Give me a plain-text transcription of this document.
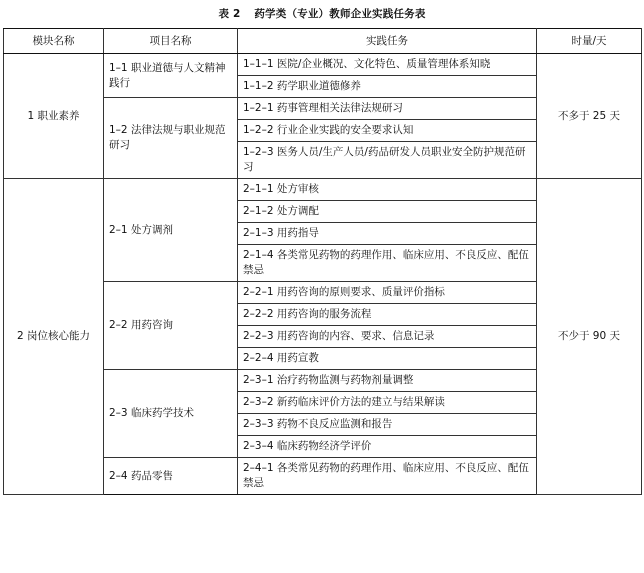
表 2 药学类（专业）教师企业实践任务表
模块名称	项目名称	实践任务	时量/天
1 职业素养	1–1 职业道德与人文精神践行	1–1–1 医院/企业概况、文化特色、质量管理体系知晓	不多于 25 天
		1–1–2 药学职业道德修养	
	1–2 法律法规与职业规范研习	1–2–1 药事管理相关法律法规研习	
		1–2–2 行业企业实践的安全要求认知	
		1–2–3 医务人员/生产人员/药品研发人员职业安全防护规范研习	
2 岗位核心能力	2–1 处方调剂	2–1–1 处方审核	不少于 90 天
		2–1–2 处方调配	
		2–1–3 用药指导	
		2–1–4 各类常见药物的药理作用、临床应用、不良反应、配伍禁忌	
	2–2 用药咨询	2–2–1 用药咨询的原则要求、质量评价指标	
		2–2–2 用药咨询的服务流程	
		2–2–3 用药咨询的内容、要求、信息记录	
		2–2–4 用药宣教	
	2–3 临床药学技术	2–3–1 治疗药物监测与药物剂量调整	
		2–3–2 新药临床评价方法的建立与结果解读	
		2–3–3 药物不良反应监测和报告	
		2–3–4 临床药物经济学评价	
	2–4 药品零售	2–4–1 各类常见药物的药理作用、临床应用、不良反应、配伍禁忌	
